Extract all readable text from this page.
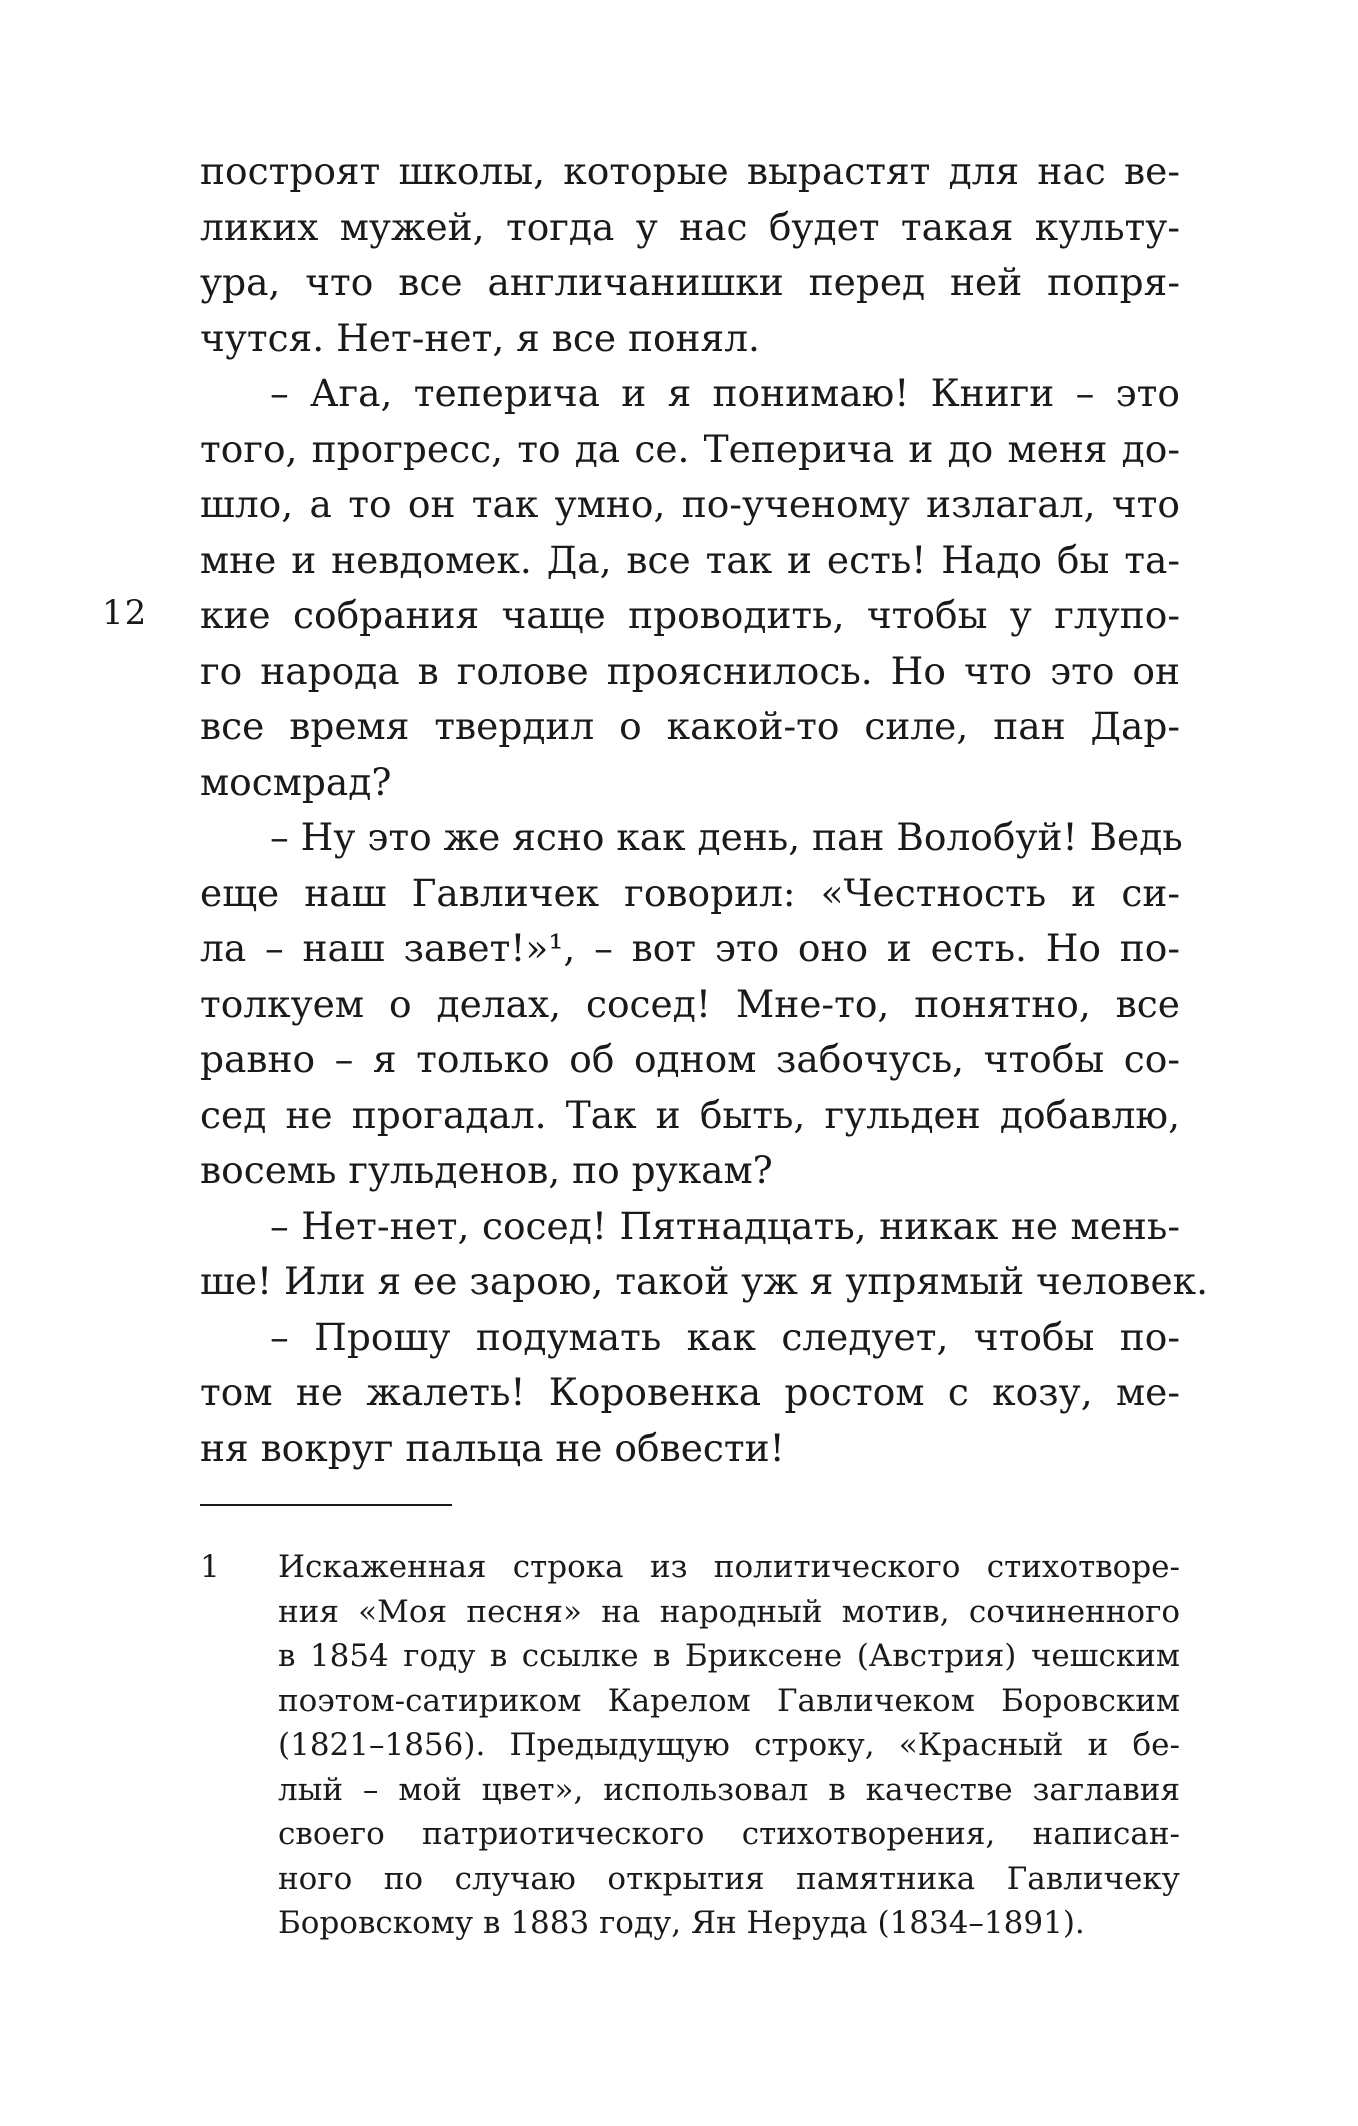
12
построят школы, которые вырастят для нас ве-
ликих мужей, тогда у нас будет такая культу-
ура, что все англичанишки перед ней попря-
чутся. Нет-нет, я все понял.
– Ага, теперича и я понимаю! Книги – это
того, прогресс, то да се. Теперича и до меня до-
шло, а то он так умно, по-ученому излагал, что
мне и невдомек. Да, все так и есть! Надо бы та-
кие собрания чаще проводить, чтобы у глупо-
го народа в голове прояснилось. Но что это он
все время твердил о какой-то силе, пан Дар-
мосмрад?
– Ну это же ясно как день, пан Волобуй! Ведь
еще наш Гавличек говорил: «Честность и си-
ла – наш завет!»¹, – вот это оно и есть. Но по-
толкуем о делах, сосед! Мне-то, понятно, все
равно – я только об одном забочусь, чтобы со-
сед не прогадал. Так и быть, гульден добавлю,
восемь гульденов, по рукам?
– Нет-нет, сосед! Пятнадцать, никак не мень-
ше! Или я ее зарою, такой уж я упрямый человек.
– Прошу подумать как следует, чтобы по-
том не жалеть! Коровенка ростом с козу, ме-
ня вокруг пальца не обвести!
1 Искаженная строка из политического стихотворе-
ния «Моя песня» на народный мотив, сочиненного
в 1854 году в ссылке в Бриксене (Австрия) чешским
поэтом-сатириком Карелом Гавличеком Боровским
(1821–1856). Предыдущую строку, «Красный и бе-
лый – мой цвет», использовал в качестве заглавия
своего патриотического стихотворения, написан-
ного по случаю открытия памятника Гавличеку
Боровскому в 1883 году, Ян Неруда (1834–1891).
